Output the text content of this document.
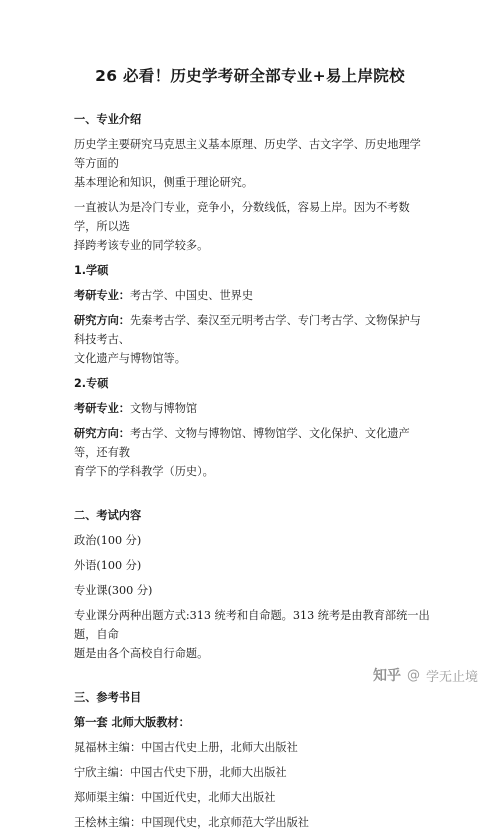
26 必看！历史学考研全部专业+易上岸院校
一、专业介绍

历史学主要研究马克思主义基本原理、历史学、古文字学、历史地理学等方面的

基本理论和知识，侧重于理论研究。

一直被认为是冷门专业，竞争小，分数线低，容易上岸。因为不考数学，所以选

择跨考该专业的同学较多。

1.学硕

考研专业：考古学、中国史、世界史

研究方向：先秦考古学、秦汉至元明考古学、专门考古学、文物保护与科技考古、

文化遗产与博物馆等。

2.专硕

考研专业：文物与博物馆

研究方向：考古学、文物与博物馆、博物馆学、文化保护、文化遗产等，还有教

育学下的学科教学（历史）。

二、考试内容

政治(100 分)

外语(100 分)

专业课(300 分)

专业课分两种出题方式:313 统考和自命题。313 统考是由教育部统一出题，自命

题是由各个高校自行命题。

三、参考书目
第一套 北师大版教材：

晁福林主编：中国古代史上册，北师大出版社

宁欣主编：中国古代史下册，北师大出版社

郑师渠主编：中国近代史，北师大出版社

王桧林主编：中国现代史，北京师范大学出版社

知乎 @ 学无止境
